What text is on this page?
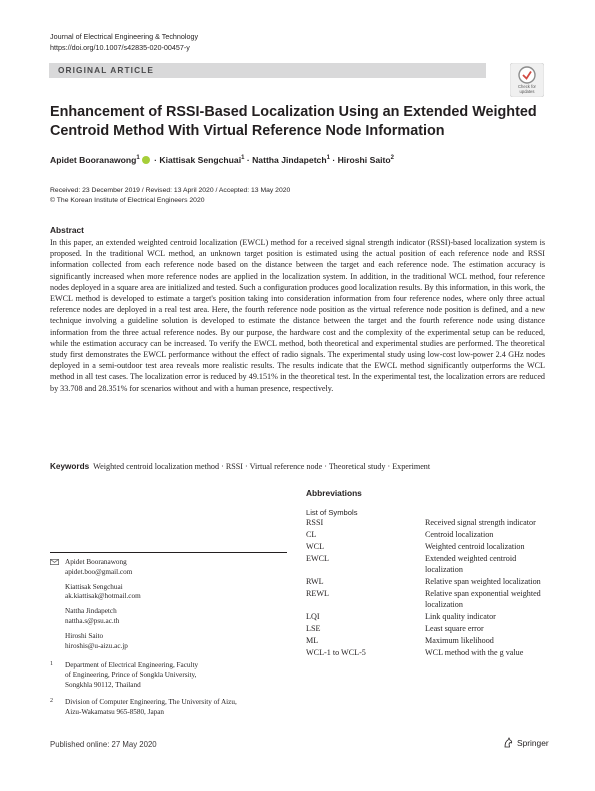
Journal of Electrical Engineering & Technology
https://doi.org/10.1007/s42835-020-00457-y
ORIGINAL ARTICLE
Check for
updates
Enhancement of RSSI-Based Localization Using an Extended Weighted Centroid Method With Virtual Reference Node Information
Apidet Booranawong$^1$ · Kiattisak Sengchuai$^1$ · Nattha Jindapetch$^1$ · Hiroshi Saito$^2$
Received: 23 December 2019 / Revised: 13 April 2020 / Accepted: 13 May 2020
© The Korean Institute of Electrical Engineers 2020
Abstract
In this paper, an extended weighted centroid localization (EWCL) method for a received signal strength indicator (RSSI)-based localization system is proposed. In the traditional WCL method, an unknown target position is estimated using the actual position of each reference node and RSSI information collected from each reference node based on the distance between the target and each reference node. The estimation accuracy is significantly increased when more reference nodes are applied in the localization system. In addition, in the traditional WCL method, four reference nodes deployed in a square area are initialized and tested. Such a configuration produces good localization results. By this information, in this work, the EWCL method is developed to estimate a target's position taking into consideration information from four reference nodes, where only three actual reference nodes are deployed in a real test area. Here, the fourth reference node position as the virtual reference node position is defined, and a new technique involving a guideline solution is developed to estimate the distance between the target and the fourth reference node using distance information from the three actual reference nodes. By our purpose, the hardware cost and the complexity of the experimental setup can be reduced, while the estimation accuracy can be increased. To verify the EWCL method, both theoretical and experimental studies are performed. The theoretical study first demonstrates the EWCL performance without the effect of radio signals. The experimental study using low-cost low-power 2.4 GHz nodes deployed in a semi-outdoor test area reveals more realistic results. The results indicate that the EWCL method significantly outperforms the WCL method in all test cases. The localization error is reduced by 49.151% in the theoretical test. In the experimental test, the localization errors are reduced by 33.708 and 28.351% for scenarios without and with a human presence, respectively.
Keywords Weighted centroid localization method · RSSI · Virtual reference node · Theoretical study · Experiment
Apidet Booranawong
apidet.boo@gmail.com
Kiattisak Sengchuai
ak.kiattisak@hotmail.com
Nattha Jindapetch
nattha.s@psu.ac.th
Hiroshi Saito
hiroshis@u-aizu.ac.jp
1 Department of Electrical Engineering, Faculty
of Engineering, Prince of Songkla University,
Songkhla 90112, Thailand
2 Division of Computer Engineering, The University of Aizu,
Aizu-Wakamatsu 965-8580, Japan
Abbreviations
List of Symbols
RSSI	Received signal strength indicator
CL	Centroid localization
WCL	Weighted centroid localization
EWCL	Extended weighted centroid localization
RWL	Relative span weighted localization
REWL	Relative span exponential weighted localization
LQI	Link quality indicator
LSE	Least square error
ML	Maximum likelihood
WCL-1 to WCL-5	WCL method with the g value
Published online: 27 May 2020	Springer
